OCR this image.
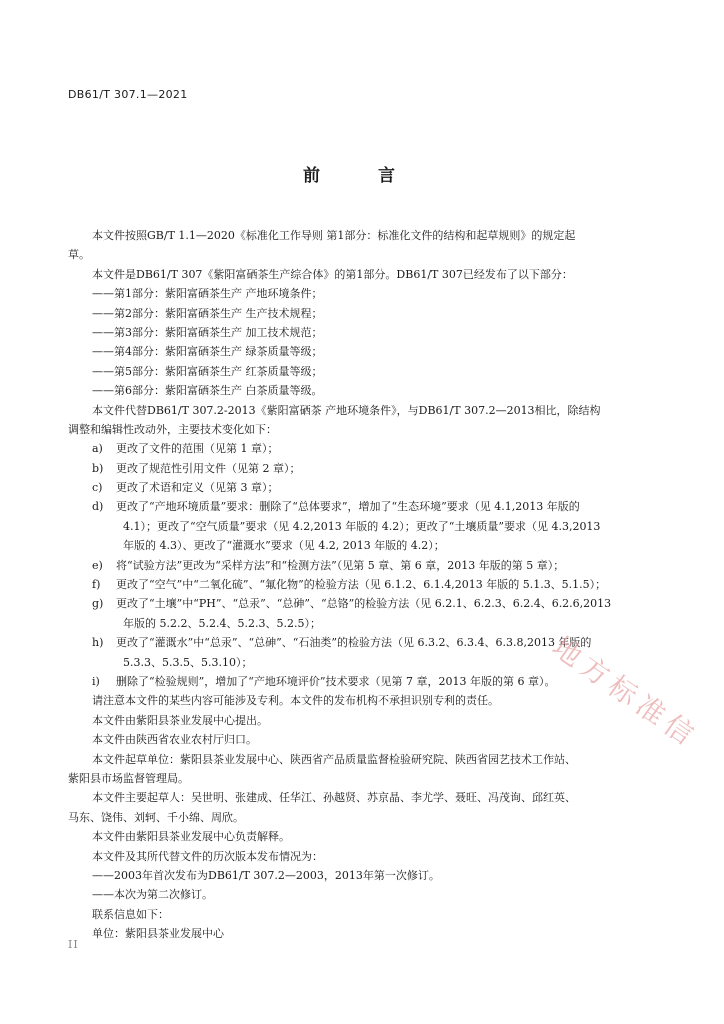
DB61/T 307.1—2021
前 言
本文件按照GB/T 1.1—2020《标准化工作导则 第1部分：标准化文件的结构和起草规则》的规定起
草。
本文件是DB61/T 307《紫阳富硒茶生产综合体》的第1部分。DB61/T 307已经发布了以下部分：
——第1部分：紫阳富硒茶生产 产地环境条件；
——第2部分：紫阳富硒茶生产 生产技术规程；
——第3部分：紫阳富硒茶生产 加工技术规范；
——第4部分：紫阳富硒茶生产 绿茶质量等级；
——第5部分：紫阳富硒茶生产 红茶质量等级；
——第6部分：紫阳富硒茶生产 白茶质量等级。
本文件代替DB61/T 307.2-2013《紫阳富硒茶 产地环境条件》，与DB61/T 307.2—2013相比，除结构
调整和编辑性改动外，主要技术变化如下：
a)	更改了文件的范围（见第 1 章）；
b)	更改了规范性引用文件（见第 2 章）；
c)	更改了术语和定义（见第 3 章）；
d)	更改了“产地环境质量”要求：删除了“总体要求”，增加了“生态环境”要求（见 4.1,2013 年版的
4.1）；更改了“空气质量”要求（见 4.2,2013 年版的 4.2）；更改了“土壤质量”要求（见 4.3,2013
年版的 4.3）、更改了“灌溉水”要求（见 4.2, 2013 年版的 4.2）；
e)	将“试验方法”更改为“采样方法”和“检测方法”（见第 5 章、第 6 章，2013 年版的第 5 章）；
f)	更改了“空气”中“二氧化硫”、“氟化物”的检验方法（见 6.1.2、6.1.4,2013 年版的 5.1.3、5.1.5）；
g)	更改了“土壤”中“PH”、“总汞”、“总砷”、“总铬”的检验方法（见 6.2.1、6.2.3、6.2.4、6.2.6,2013
年版的 5.2.2、5.2.4、5.2.3、5.2.5）；
h)	更改了“灌溉水”中“总汞”、“总砷”、“石油类”的检验方法（见 6.3.2、6.3.4、6.3.8,2013 年版的
5.3.3、5.3.5、5.3.10）；
i)	删除了“检验规则”，增加了“产地环境评价”技术要求（见第 7 章，2013 年版的第 6 章）。
请注意本文件的某些内容可能涉及专利。本文件的发布机构不承担识别专利的责任。
本文件由紫阳县茶业发展中心提出。
本文件由陕西省农业农村厅归口。
本文件起草单位：紫阳县茶业发展中心、陕西省产品质量监督检验研究院、陕西省园艺技术工作站、
紫阳县市场监督管理局。
本文件主要起草人：吴世明、张建成、任华江、孙越贤、苏京晶、李尤学、聂旺、冯茂询、邱红英、
马东、饶伟、刘轲、千小绵、周欣。
本文件由紫阳县茶业发展中心负责解释。
本文件及其所代替文件的历次版本发布情况为：
——2003年首次发布为DB61/T 307.2—2003，2013年第一次修订。
——本次为第二次修订。
联系信息如下：
单位：紫阳县茶业发展中心
II
地方标准信
